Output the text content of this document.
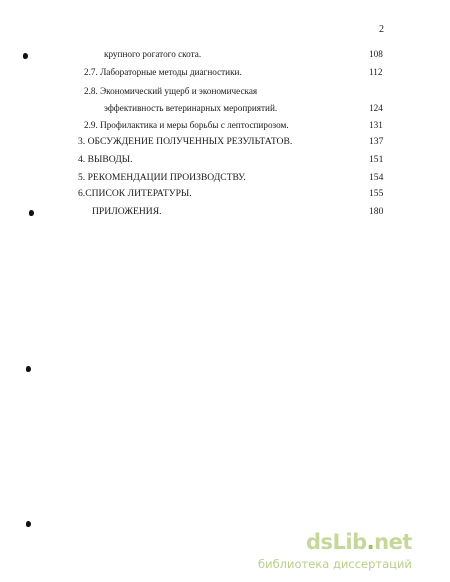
2
крупного рогатого скота.	108
2.7. Лабораторные методы диагностики.	112
2.8. Экономический ущерб и экономическая
эффективность ветеринарных мероприятий.	124
2.9. Профилактика и меры борьбы с лептоспирозом.	131
3. ОБСУЖДЕНИЕ ПОЛУЧЕННЫХ РЕЗУЛЬТАТОВ.	137
4. ВЫВОДЫ.	151
5. РЕКОМЕНДАЦИИ ПРОИЗВОДСТВУ.	154
6.СПИСОК ЛИТЕРАТУРЫ.	155
ПРИЛОЖЕНИЯ.	180
dsLib.net
библиотека диссертаций
